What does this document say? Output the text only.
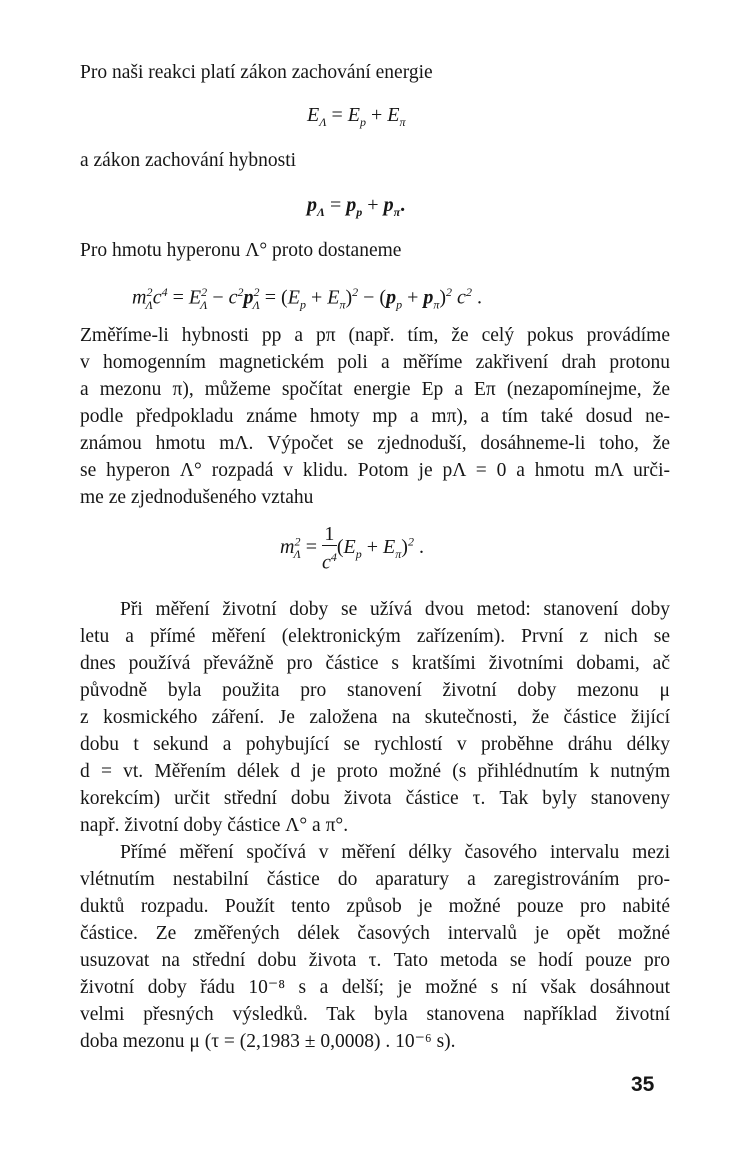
Pro naši reakci platí zákon zachování energie
$E_\Lambda = E_p + E_\pi$
a zákon zachování hybnosti
$p_\Lambda = p_p + p_\pi$.
Pro hmotu hyperonu Λ° proto dostaneme
$m^2_\Lambda c^4 = E^2_\Lambda - c^2p^2_\Lambda = (E_p + E_\pi)^2 - (p_p + p_\pi)^2$ $c^2$ .
Změříme-li hybnosti pp a pπ (např. tím, že celý pokus provádíme
v homogenním magnetickém poli a měříme zakřivení drah protonu
a mezonu π), můžeme spočítat energie Ep a Eπ (nezapomínejme, že
podle předpokladu známe hmoty mp a mπ), a tím také dosud ne-
známou hmotu mΛ. Výpočet se zjednoduší, dosáhneme-li toho, že
se hyperon Λ° rozpadá v klidu. Potom je pΛ = 0 a hmotu mΛ urči-
me ze zjednodušeného vztahu
$m^2_\Lambda = \frac{1}{c^4} (E_p + E_\pi)^2$ .
Při měření životní doby se užívá dvou metod: stanovení doby
letu a přímé měření (elektronickým zařízením). První z nich se
dnes používá převážně pro částice s kratšími životními dobami, ač
původně byla použita pro stanovení životní doby mezonu μ
z kosmického záření. Je založena na skutečnosti, že částice žijící
dobu t sekund a pohybující se rychlostí v proběhne dráhu délky
d = vt. Měřením délek d je proto možné (s přihlédnutím k nutným
korekcím) určit střední dobu života částice τ. Tak byly stanoveny
např. životní doby částice Λ° a π°.
Přímé měření spočívá v měření délky časového intervalu mezi
vlétnutím nestabilní částice do aparatury a zaregistrováním pro-
duktů rozpadu. Použít tento způsob je možné pouze pro nabité
částice. Ze změřených délek časových intervalů je opět možné
usuzovat na střední dobu života τ. Tato metoda se hodí pouze pro
životní doby řádu 10⁻⁸ s a delší; je možné s ní však dosáhnout
velmi přesných výsledků. Tak byla stanovena například životní
doba mezonu μ (τ = (2,1983 ± 0,0008) . 10⁻⁶ s).
35
